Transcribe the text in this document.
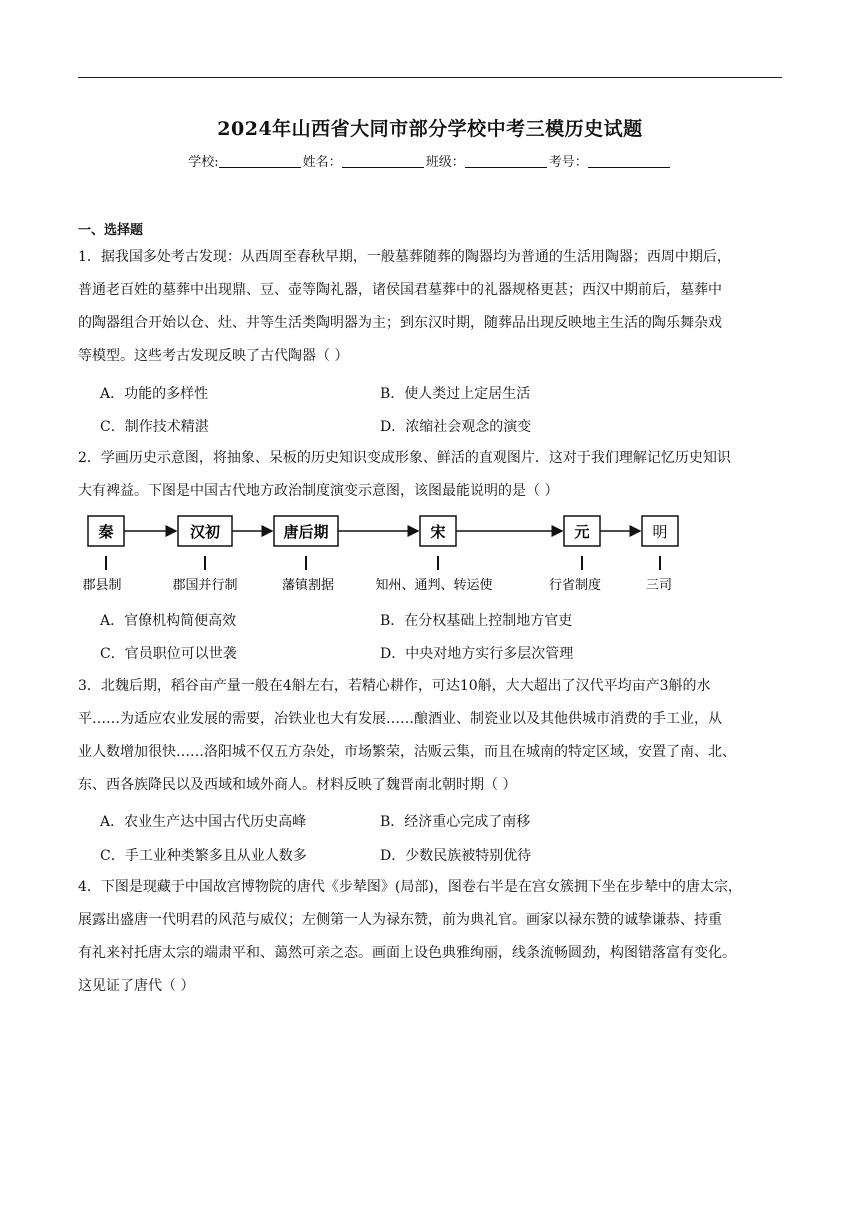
2024年山西省大同市部分学校中考三模历史试题
学校:	姓名：	班级：	考号：
一、选择题
1．据我国多处考古发现：从西周至春秋早期，一般墓葬随葬的陶器均为普通的生活用陶器；西周中期后，
普通老百姓的墓葬中出现鼎、豆、壶等陶礼器，诸侯国君墓葬中的礼器规格更甚；西汉中期前后，墓葬中
的陶器组合开始以仓、灶、井等生活类陶明器为主；到东汉时期，随葬品出现反映地主生活的陶乐舞杂戏
等模型。这些考古发现反映了古代陶器（ ）
A．功能的多样性	B．使人类过上定居生活
C．制作技术精湛	D．浓缩社会观念的演变
2．学画历史示意图，将抽象、呆板的历史知识变成形象、鲜活的直观图片．这对于我们理解记忆历史知识
大有裨益。下图是中国古代地方政治制度演变示意图，该图最能说明的是（ ）
秦	汉初	唐后期	宋	元	明
郡县制	郡国并行制	藩镇割据	知州、通判、转运使	行省制度	三司
A．官僚机构简便高效	B．在分权基础上控制地方官吏
C．官员职位可以世袭	D．中央对地方实行多层次管理
3．北魏后期，稻谷亩产量一般在4斛左右，若精心耕作，可达10斛，大大超出了汉代平均亩产3斛的水
平……为适应农业发展的需要，冶铁业也大有发展……酿酒业、制瓷业以及其他供城市消费的手工业，从
业人数增加很快……洛阳城不仅五方杂处，市场繁荣，沽贩云集，而且在城南的特定区域，安置了南、北、
东、西各族降民以及西域和域外商人。材料反映了魏晋南北朝时期（ ）
A．农业生产达中国古代历史高峰	B．经济重心完成了南移
C．手工业种类繁多且从业人数多	D．少数民族被特别优待
4．下图是现藏于中国故宫博物院的唐代《步辇图》(局部)，图卷右半是在宫女簇拥下坐在步辇中的唐太宗，
展露出盛唐一代明君的风范与威仪；左侧第一人为禄东赞，前为典礼官。画家以禄东赞的诚挚谦恭、持重
有礼来衬托唐太宗的端肃平和、蔼然可亲之态。画面上设色典雅绚丽，线条流畅圆劲，构图错落富有变化。
这见证了唐代（ ）
